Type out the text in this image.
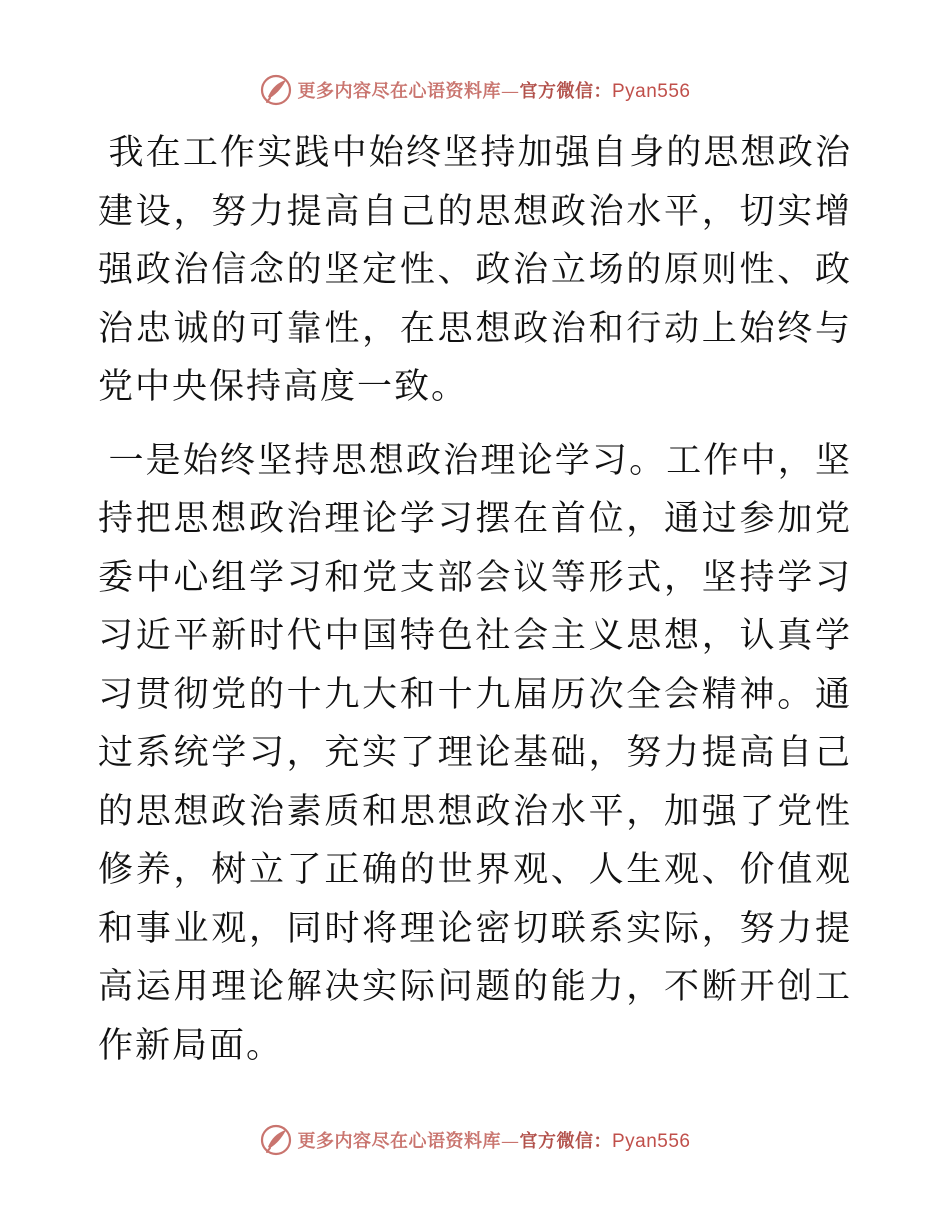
更多内容尽在心语资料库—官方微信：Pyan556

我在工作实践中始终坚持加强自身的思想政治建设，努力提高自己的思想政治水平，切实增强政治信念的坚定性、政治立场的原则性、政治忠诚的可靠性，在思想政治和行动上始终与党中央保持高度一致。

一是始终坚持思想政治理论学习。工作中，坚持把思想政治理论学习摆在首位，通过参加党委中心组学习和党支部会议等形式，坚持学习习近平新时代中国特色社会主义思想，认真学习贯彻党的十九大和十九届历次全会精神。通过系统学习，充实了理论基础，努力提高自己的思想政治素质和思想政治水平，加强了党性修养，树立了正确的世界观、人生观、价值观和事业观，同时将理论密切联系实际，努力提高运用理论解决实际问题的能力，不断开创工作新局面。

更多内容尽在心语资料库—官方微信：Pyan556
